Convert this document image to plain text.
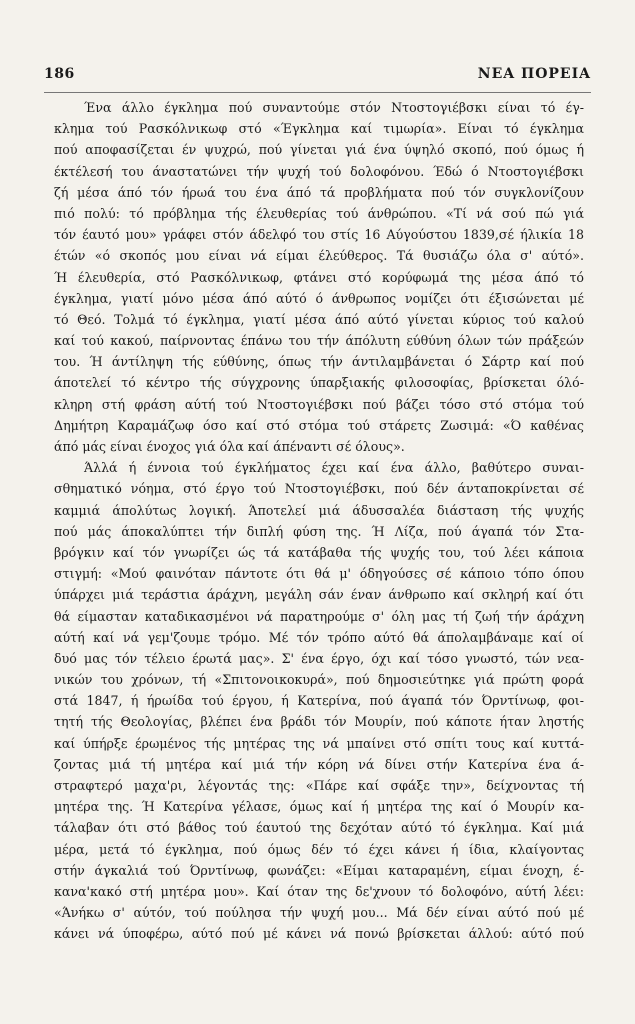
186	ΝΕΑ ΠΟΡΕΙΑ
Ένα άλλο έγκλημα πού συναντούμε στόν Ντοστογιέβσκι είναι τό έγ-
κλημα τού Ρασκόλνικωφ στό «Έγκλημα καί τιμωρία». Είναι τό έγκλημα
πού αποφασίζεται έν ψυχρώ, πού γίνεται γιά ένα ύψηλό σκοπό, πού όμως ή
έκτέλεσή του άναστατώνει τήν ψυχή τού δολοφόνου. Έδώ ό Ντοστογιέβσκι
ζή μέσα άπό τόν ήρωά του ένα άπό τά προβλήματα πού τόν συγκλονίζουν
πιό πολύ: τό πρόβλημα τής έλευθερίας τού άνθρώπου. «Τί νά σού πώ γιά
τόν έαυτό μου» γράφει στόν άδελφό του στίς 16 Αύγούστου 1839,σέ ήλικία 18
έτών «ό σκοπός μου είναι νά είμαι έλεύθερος. Τά θυσιάζω όλα σ' αύτό».
Ή έλευθερία, στό Ρασκόλνικωφ, φτάνει στό κορύφωμά της μέσα άπό τό
έγκλημα, γιατί μόνο μέσα άπό αύτό ό άνθρωπος νομίζει ότι έξισώνεται μέ
τό Θεό. Τολμά τό έγκλημα, γιατί μέσα άπό αύτό γίνεται κύριος τού καλού
καί τού κακού, παίρνοντας έπάνω του τήν άπόλυτη εύθύνη όλων τών πράξεών
του. Ή άντίληψη τής εύθύνης, όπως τήν άντιλαμβάνεται ό Σάρτρ καί πού
άποτελεί τό κέντρο τής σύγχρονης ύπαρξιακής φιλοσοφίας, βρίσκεται όλό-
κληρη στή φράση αύτή τού Ντοστογιέβσκι πού βάζει τόσο στό στόμα τού
Δημήτρη Καραμάζωφ όσο καί στό στόμα τού στάρετς Ζωσιμά: «Ό καθένας
άπό μάς είναι ένοχος γιά όλα καί άπέναντι σέ όλους».
Άλλά ή έννοια τού έγκλήματος έχει καί ένα άλλο, βαθύτερο συναι-
σθηματικό νόημα, στό έργο τού Ντοστογιέβσκι, πού δέν άνταποκρίνεται σέ
καμμιά άπολύτως λογική. Άποτελεί μιά άδυσσαλέα διάσταση τής ψυχής
πού μάς άποκαλύπτει τήν διπλή φύση της. Ή Λίζα, πού άγαπά τόν Στα-
βρόγκιν καί τόν γνωρίζει ώς τά κατάβαθα τής ψυχής του, τού λέει κάποια
στιγμή: «Μού φαινόταν πάντοτε ότι θά μ' όδηγούσες σέ κάποιο τόπο όπου
ύπάρχει μιά τεράστια άράχνη, μεγάλη σάν έναν άνθρωπο καί σκληρή καί ότι
θά είμασταν καταδικασμένοι νά παρατηρούμε σ' όλη μας τή ζωή τήν άράχνη
αύτή καί νά γεμ'ζουμε τρόμο. Μέ τόν τρόπο αύτό θά άπολαμβάναμε καί οί
δυό μας τόν τέλειο έρωτά μας». Σ' ένα έργο, όχι καί τόσο γνωστό, τών νεα-
νικών του χρόνων, τή «Σπιτονοικοκυρά», πού δημοσιεύτηκε γιά πρώτη φορά
στά 1847, ή ήρωίδα τού έργου, ή Κατερίνα, πού άγαπά τόν Όρντίνωφ, φοι-
τητή τής Θεολογίας, βλέπει ένα βράδι τόν Μουρίν, πού κάποτε ήταν ληστής
καί ύπήρξε έρωμένος τής μητέρας της νά μπαίνει στό σπίτι τους καί κυττά-
ζοντας μιά τή μητέρα καί μιά τήν κόρη νά δίνει στήν Κατερίνα ένα ά-
στραφτερό μαχα'ρι, λέγοντάς της: «Πάρε καί σφάξε την», δείχνοντας τή
μητέρα της. Ή Κατερίνα γέλασε, όμως καί ή μητέρα της καί ό Μουρίν κα-
τάλαβαν ότι στό βάθος τού έαυτού της δεχόταν αύτό τό έγκλημα. Καί μιά
μέρα, μετά τό έγκλημα, πού όμως δέν τό έχει κάνει ή ίδια, κλαίγοντας
στήν άγκαλιά τού Όρντίνωφ, φωνάζει: «Είμαι καταραμένη, είμαι ένοχη, έ-
κανα'κακό στή μητέρα μου». Καί όταν της δε'χνουν τό δολοφόνο, αύτή λέει:
«Άνήκω σ' αύτόν, τού πούλησα τήν ψυχή μου... Μά δέν είναι αύτό πού μέ
κάνει νά ύποφέρω, αύτό πού μέ κάνει νά πονώ βρίσκεται άλλού: αύτό πού
